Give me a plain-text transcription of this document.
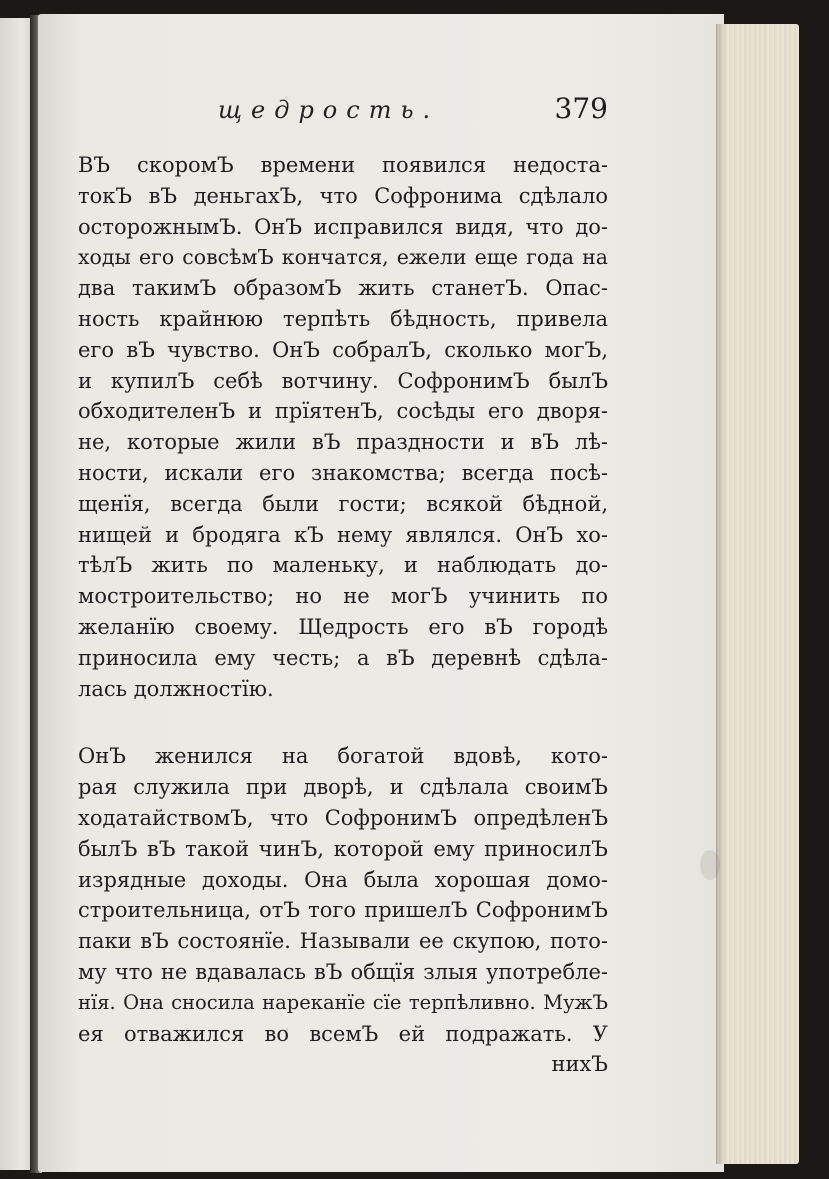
щедрость.	379
ВЪ скоромЪ времени появился недоста-
токЪ вЪ деньгахЪ, что Софронима сдѣлало
осторожнымЪ. ОнЪ исправился видя, что до-
ходы его совсѣмЪ кончатся, ежели еще года на
два такимЪ образомЪ жить станетЪ. Опас-
ность крайнюю терпѣть бѣдность, привела
его вЪ чувство. ОнЪ собралЪ, сколько могЪ,
и купилЪ себѣ вотчину. СофронимЪ былЪ
обходителенЪ и прїятенЪ, сосѣды его дворя-
не, которые жили вЪ праздности и вЪ лѣ-
ности, искали его знакомства; всегда посѣ-
щенїя, всегда были гости; всякой бѣдной,
нищей и бродяга кЪ нему являлся. ОнЪ хо-
тѣлЪ жить по маленьку, и наблюдать до-
мостроительство; но не могЪ учинить по
желанїю своему. Щедрость его вЪ городѣ
приносила ему честь; а вЪ деревнѣ сдѣла-
лась должностїю.
ОнЪ женился на богатой вдовѣ, кото-
рая служила при дворѣ, и сдѣлала своимЪ
ходатайствомЪ, что СофронимЪ опредѣленЪ
былЪ вЪ такой чинЪ, которой ему приносилЪ
изрядные доходы. Она была хорошая домо-
строительница, отЪ того пришелЪ СофронимЪ
паки вЪ состоянїе. Называли ее скупою, пото-
му что не вдавалась вЪ общїя злыя употребле-
нїя. Она сносила нареканїе сїе терпѣливно. МужЪ
ея отважился во всемЪ ей подражать. У
нихЪ
